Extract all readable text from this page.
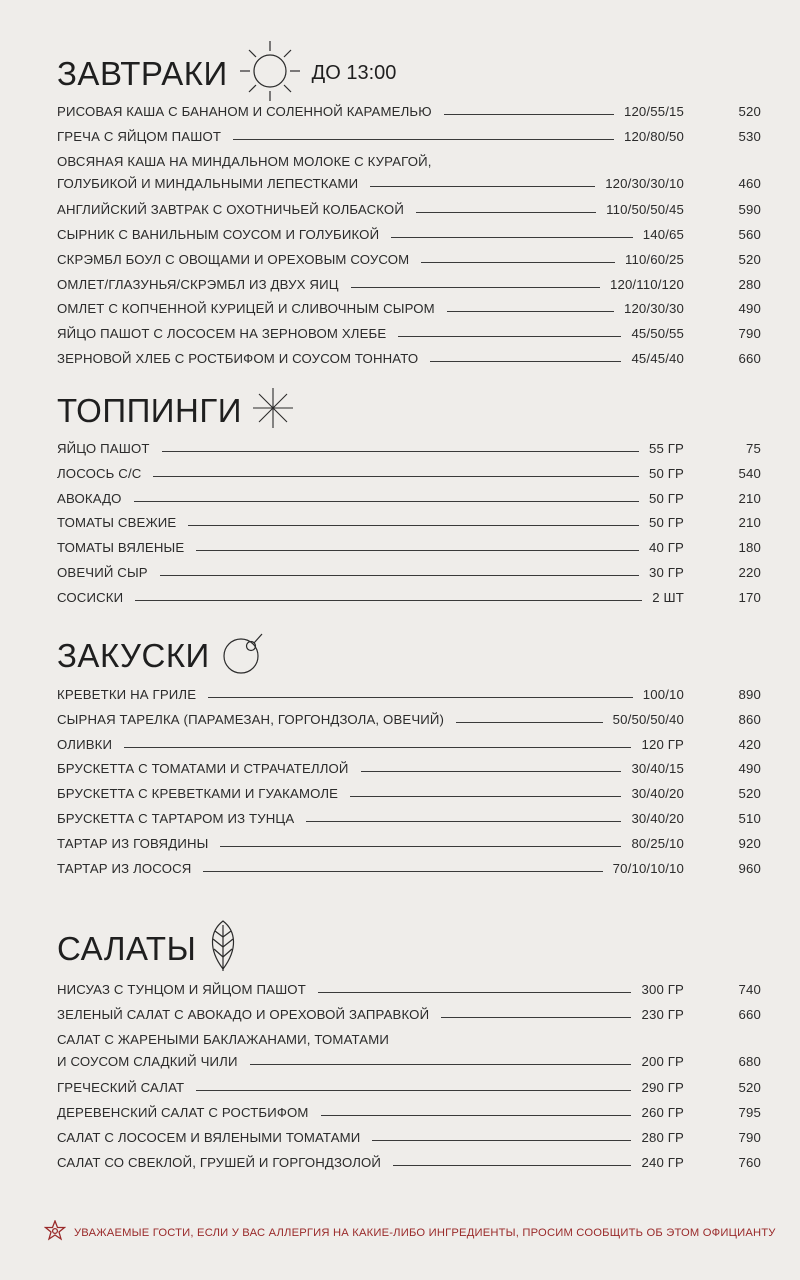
ЗАВТРАКИ	ДО 13:00
РИСОВАЯ КАША С БАНАНОМ И СОЛЕННОЙ КАРАМЕЛЬЮ	120/55/15	520
ГРЕЧА С ЯЙЦОМ ПАШОТ	120/80/50	530
ОВСЯНАЯ КАША НА МИНДАЛЬНОМ МОЛОКЕ С КУРАГОЙ,
ГОЛУБИКОЙ И МИНДАЛЬНЫМИ ЛЕПЕСТКАМИ	120/30/30/10	460
АНГЛИЙСКИЙ ЗАВТРАК С ОХОТНИЧЬЕЙ КОЛБАСКОЙ	110/50/50/45	590
СЫРНИК С ВАНИЛЬНЫМ СОУСОМ И ГОЛУБИКОЙ	140/65	560
СКРЭМБЛ БОУЛ С ОВОЩАМИ И ОРЕХОВЫМ СОУСОМ	110/60/25	520
ОМЛЕТ/ГЛАЗУНЬЯ/СКРЭМБЛ ИЗ ДВУХ ЯИЦ	120/110/120	280
ОМЛЕТ С КОПЧЕННОЙ КУРИЦЕЙ И СЛИВОЧНЫМ СЫРОМ	120/30/30	490
ЯЙЦО ПАШОТ С ЛОСОСЕМ НА ЗЕРНОВОМ ХЛЕБЕ	45/50/55	790
ЗЕРНОВОЙ ХЛЕБ С РОСТБИФОМ И СОУСОМ ТОННАТО	45/45/40	660
ТОППИНГИ
ЯЙЦО ПАШОТ	55 ГР	75
ЛОСОСЬ С/С	50 ГР	540
АВОКАДО	50 ГР	210
ТОМАТЫ СВЕЖИЕ	50 ГР	210
ТОМАТЫ ВЯЛЕНЫЕ	40 ГР	180
ОВЕЧИЙ СЫР	30 ГР	220
СОСИСКИ	2 ШТ	170
ЗАКУСКИ
КРЕВЕТКИ НА ГРИЛЕ	100/10	890
СЫРНАЯ ТАРЕЛКА (ПАРАМЕЗАН, ГОРГОНДЗОЛА, ОВЕЧИЙ)	50/50/50/40	860
ОЛИВКИ	120 ГР	420
БРУСКЕТТА С ТОМАТАМИ И СТРАЧАТЕЛЛОЙ	30/40/15	490
БРУСКЕТТА С КРЕВЕТКАМИ И ГУАКАМОЛЕ	30/40/20	520
БРУСКЕТТА С ТАРТАРОМ ИЗ ТУНЦА	30/40/20	510
ТАРТАР ИЗ ГОВЯДИНЫ	80/25/10	920
ТАРТАР ИЗ ЛОСОСЯ	70/10/10/10	960
САЛАТЫ
НИСУАЗ С ТУНЦОМ И ЯЙЦОМ ПАШОТ	300 ГР	740
ЗЕЛЕНЫЙ САЛАТ С АВОКАДО И ОРЕХОВОЙ ЗАПРАВКОЙ	230 ГР	660
САЛАТ С ЖАРЕНЫМИ БАКЛАЖАНАМИ, ТОМАТАМИ
И СОУСОМ СЛАДКИЙ ЧИЛИ	200 ГР	680
ГРЕЧЕСКИЙ САЛАТ	290 ГР	520
ДЕРЕВЕНСКИЙ САЛАТ С РОСТБИФОМ	260 ГР	795
САЛАТ С ЛОСОСЕМ И ВЯЛЕНЫМИ ТОМАТАМИ	280 ГР	790
САЛАТ СО СВЕКЛОЙ, ГРУШЕЙ И ГОРГОНДЗОЛОЙ	240 ГР	760
УВАЖАЕМЫЕ ГОСТИ, ЕСЛИ У ВАС АЛЛЕРГИЯ НА КАКИЕ-ЛИБО ИНГРЕДИЕНТЫ, ПРОСИМ СООБЩИТЬ ОБ ЭТОМ ОФИЦИАНТУ
